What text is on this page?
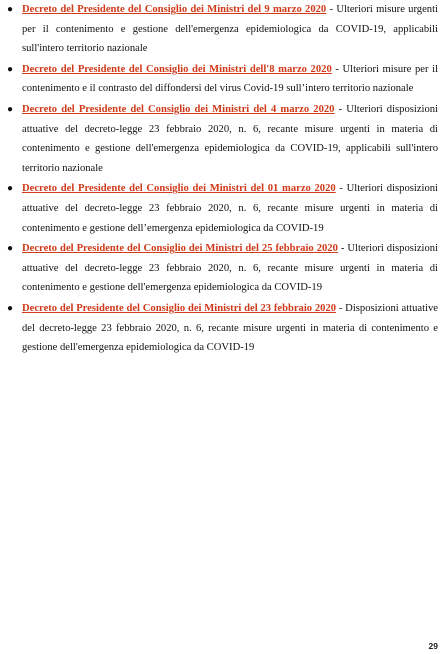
● Decreto del Presidente del Consiglio dei Ministri del 9 marzo 2020 - Ulteriori misure urgenti per il contenimento e gestione dell'emergenza epidemiologica da COVID-19, applicabili sull'intero territorio nazionale
● Decreto del Presidente del Consiglio dei Ministri dell'8 marzo 2020 - Ulteriori misure per il contenimento e il contrasto del diffondersi del virus Covid-19 sull’intero territorio nazionale
● Decreto del Presidente del Consiglio dei Ministri del 4 marzo 2020 - Ulteriori disposizioni attuative del decreto-legge 23 febbraio 2020, n. 6, recante misure urgenti in materia di contenimento e gestione dell'emergenza epidemiologica da COVID-19, applicabili sull'intero territorio nazionale
● Decreto del Presidente del Consiglio dei Ministri del 01 marzo 2020 - Ulteriori disposizioni attuative del decreto-legge 23 febbraio 2020, n. 6, recante misure urgenti in materia di contenimento e gestione dell’emergenza epidemiologica da COVID-19
● Decreto del Presidente del Consiglio dei Ministri del 25 febbraio 2020 - Ulteriori disposizioni attuative del decreto-legge 23 febbraio 2020, n. 6, recante misure urgenti in materia di contenimento e gestione dell'emergenza epidemiologica da COVID-19
● Decreto del Presidente del Consiglio dei Ministri del 23 febbraio 2020 - Disposizioni attuative del decreto-legge 23 febbraio 2020, n. 6, recante misure urgenti in materia di contenimento e gestione dell'emergenza epidemiologica da COVID-19
29
